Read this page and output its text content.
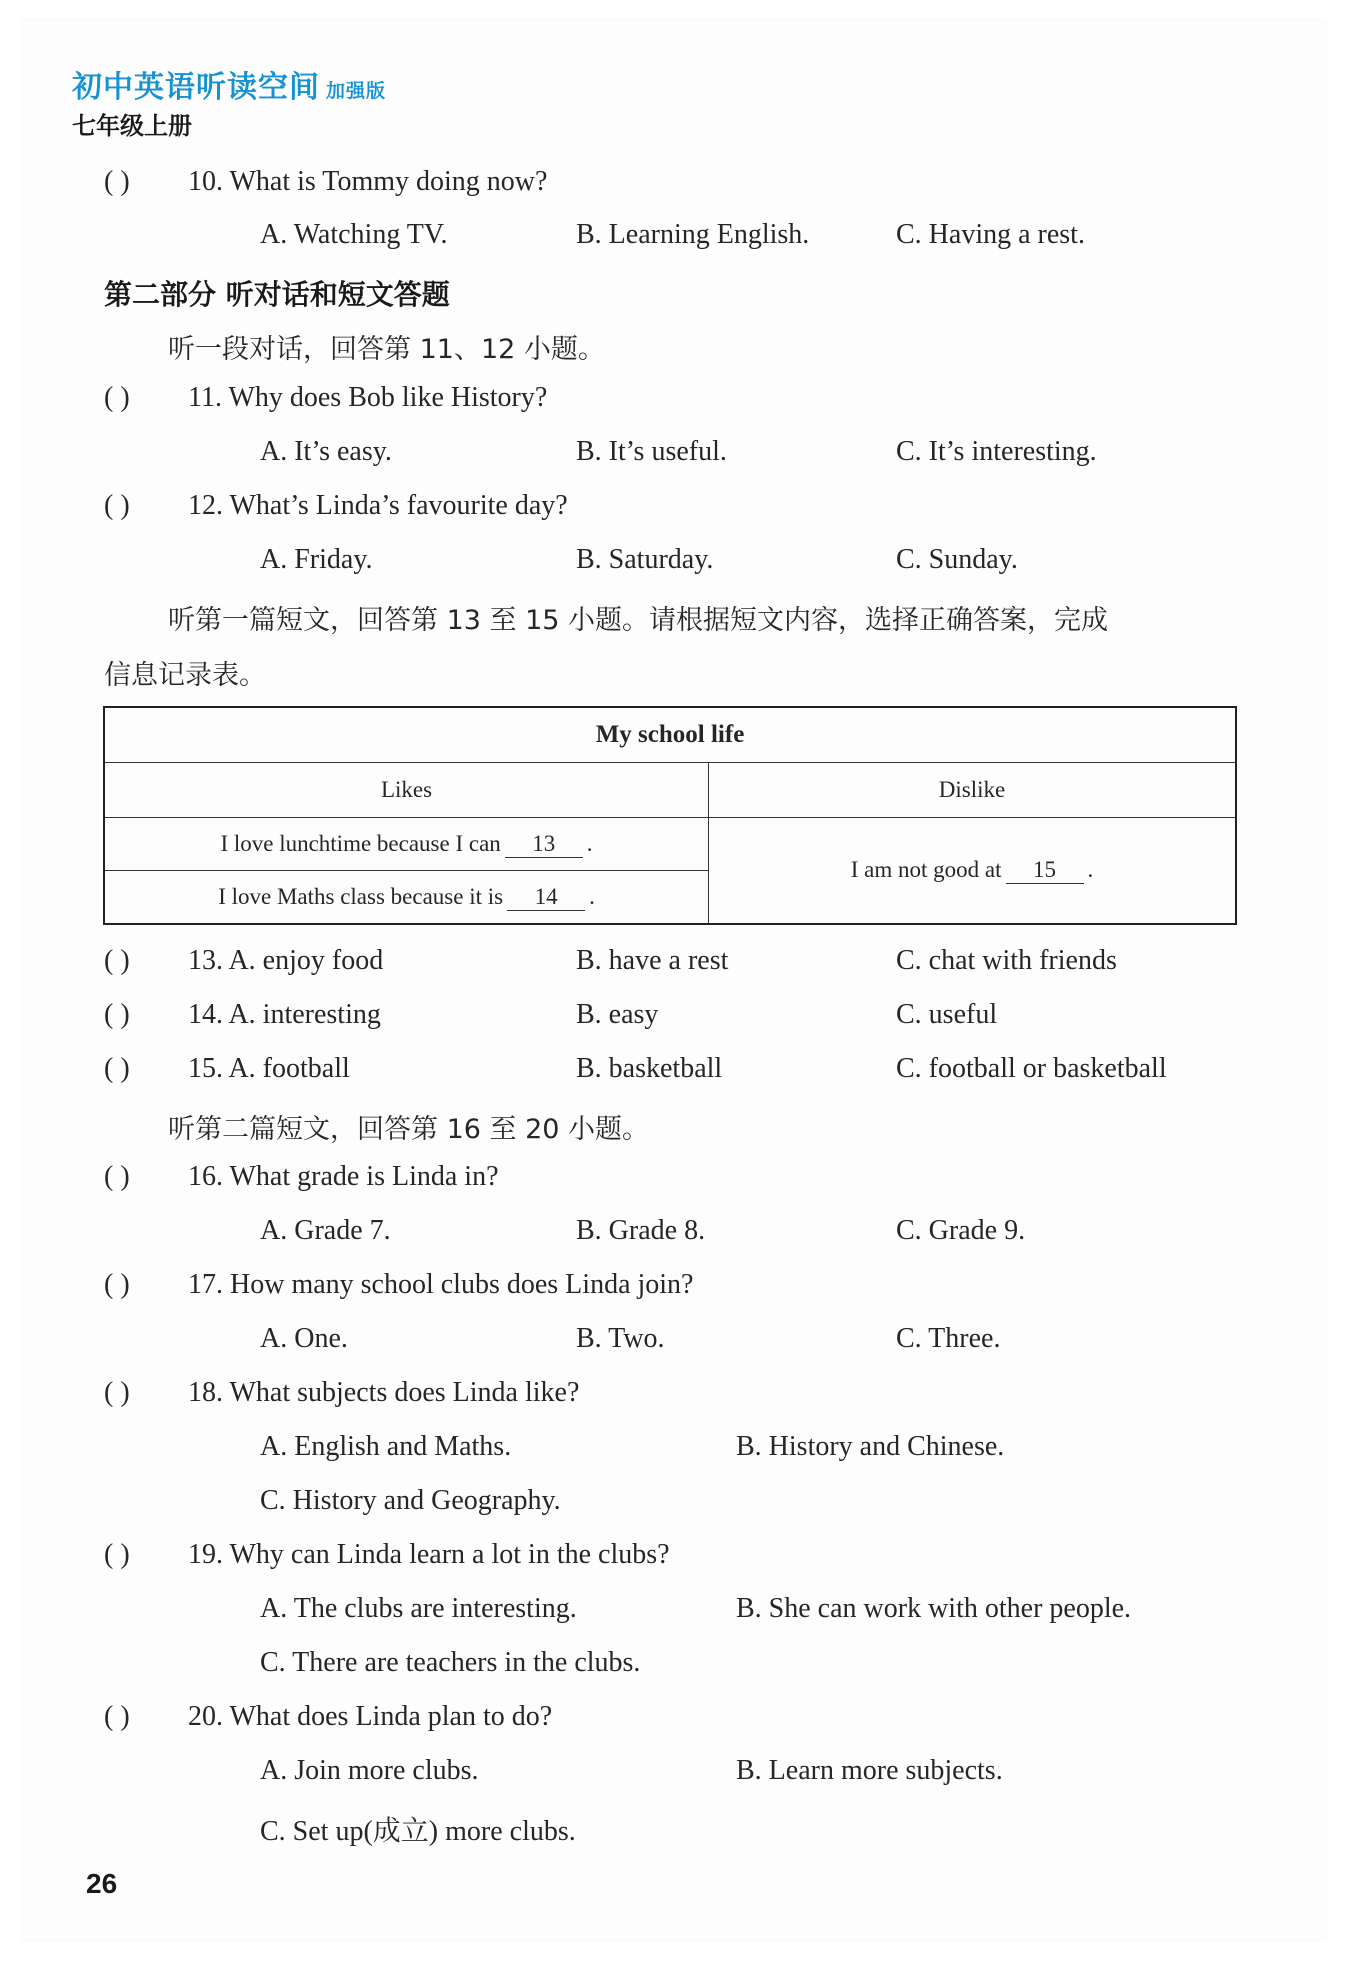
初中英语听读空间 加强版
七年级上册
( ) 10. What is Tommy doing now?
A. Watching TV.	B. Learning English.	C. Having a rest.
第二部分 听对话和短文答题
听一段对话，回答第 11、12 小题。
( ) 11. Why does Bob like History?
A. It’s easy.	B. It’s useful.	C. It’s interesting.
( ) 12. What’s Linda’s favourite day?
A. Friday.	B. Saturday.	C. Sunday.
听第一篇短文，回答第 13 至 15 小题。请根据短文内容，选择正确答案，完成
信息记录表。
My school life	
Likes	Dislike
I love lunchtime because I can 13 .	I am not good at 15 .
I love Maths class because it is 14 .	
( ) 13. A. enjoy food	B. have a rest	C. chat with friends
( ) 14. A. interesting	B. easy	C. useful
( ) 15. A. football	B. basketball	C. football or basketball
听第二篇短文，回答第 16 至 20 小题。
( ) 16. What grade is Linda in?
A. Grade 7.	B. Grade 8.	C. Grade 9.
( ) 17. How many school clubs does Linda join?
A. One.	B. Two.	C. Three.
( ) 18. What subjects does Linda like?
A. English and Maths.	B. History and Chinese.
C. History and Geography.
( ) 19. Why can Linda learn a lot in the clubs?
A. The clubs are interesting.	B. She can work with other people.
C. There are teachers in the clubs.
( ) 20. What does Linda plan to do?
A. Join more clubs.	B. Learn more subjects.
C. Set up(成立) more clubs.
26
